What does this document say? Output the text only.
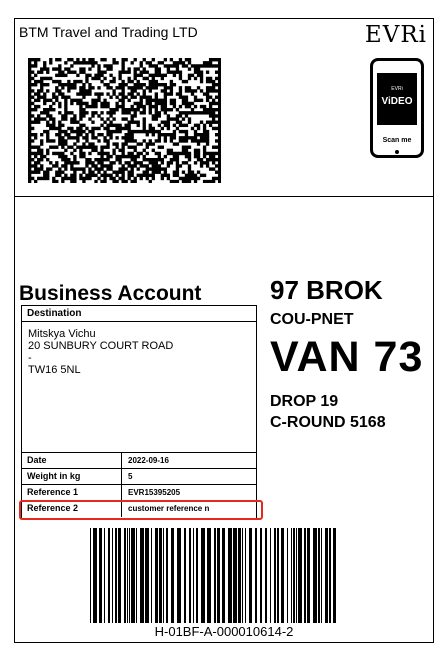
BTM Travel and Trading LTD	EVRi
EVRi
ViDEO
Scan me
Business Account
Destination
Mitskya Vichu
20 SUNBURY COURT ROAD
-
TW16 5NL
Date	2022-09-16
Weight in kg	5
Reference 1	EVR15395205
Reference 2	customer reference n
97 BROK
COU-PNET
VAN 73
DROP 19
C-ROUND 5168
H-01BF-A-000010614-2
